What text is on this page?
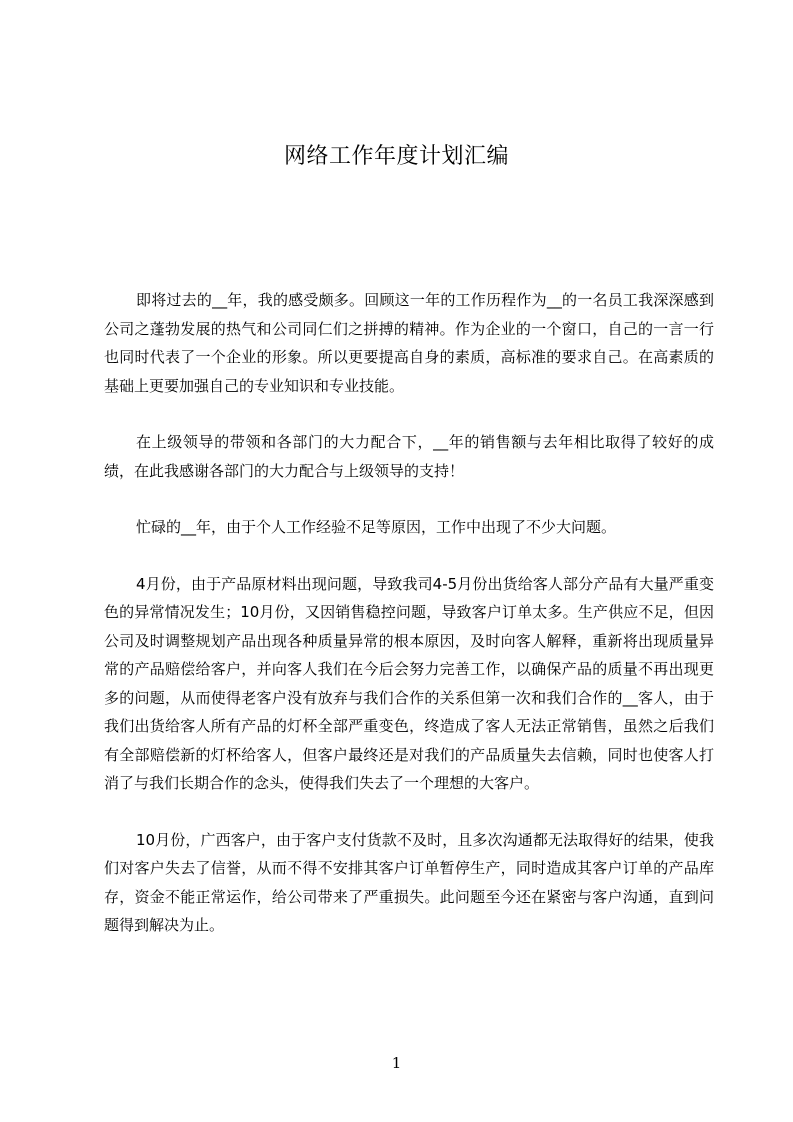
网络工作年度计划汇编

即将过去的__年，我的感受颇多。回顾这一年的工作历程作为__的一名员工我深深感到公司之蓬勃发展的热气和公司同仁们之拼搏的精神。作为企业的一个窗口，自己的一言一行也同时代表了一个企业的形象。所以更要提高自身的素质，高标准的要求自己。在高素质的基础上更要加强自己的专业知识和专业技能。

在上级领导的带领和各部门的大力配合下，__年的销售额与去年相比取得了较好的成绩，在此我感谢各部门的大力配合与上级领导的支持！

忙碌的__年，由于个人工作经验不足等原因，工作中出现了不少大问题。

4月份，由于产品原材料出现问题，导致我司4-5月份出货给客人部分产品有大量严重变色的异常情况发生；10月份，又因销售稳控问题，导致客户订单太多。生产供应不足，但因公司及时调整规划产品出现各种质量异常的根本原因，及时向客人解释，重新将出现质量异常的产品赔偿给客户，并向客人我们在今后会努力完善工作，以确保产品的质量不再出现更多的问题，从而使得老客户没有放弃与我们合作的关系但第一次和我们合作的__客人，由于我们出货给客人所有产品的灯杯全部严重变色，终造成了客人无法正常销售，虽然之后我们有全部赔偿新的灯杯给客人，但客户最终还是对我们的产品质量失去信赖，同时也使客人打消了与我们长期合作的念头，使得我们失去了一个理想的大客户。

10月份，广西客户，由于客户支付货款不及时，且多次沟通都无法取得好的结果，使我们对客户失去了信誉，从而不得不安排其客户订单暂停生产，同时造成其客户订单的产品库存，资金不能正常运作，给公司带来了严重损失。此问题至今还在紧密与客户沟通，直到问题得到解决为止。

1
